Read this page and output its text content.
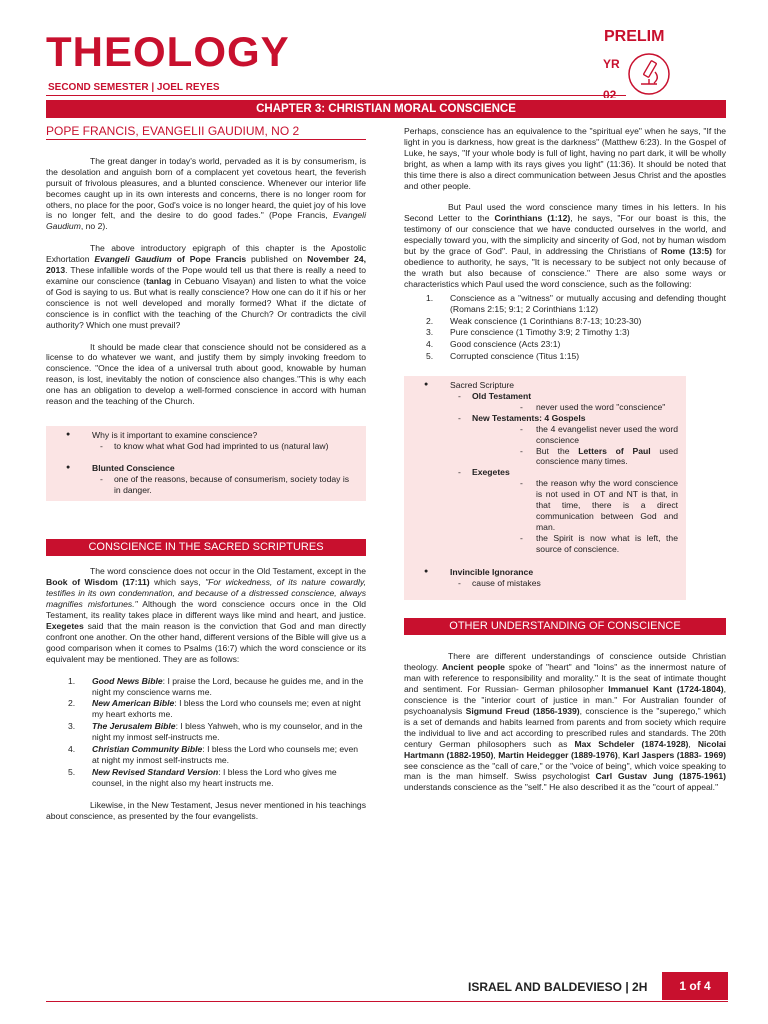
THEOLOGY
SECOND SEMESTER | JOEL REYES
PRELIM
YR
02
CHAPTER 3: CHRISTIAN MORAL CONSCIENCE
POPE FRANCIS, EVANGELII GAUDIUM, NO 2

The great danger in today's world, pervaded as it is by consumerism, is the desolation and anguish born of a complacent yet covetous heart, the feverish pursuit of frivolous pleasures, and a blunted conscience. Whenever our interior life becomes caught up in its own interests and concerns, there is no longer room for others, no place for the poor, God's voice is no longer heard, the quiet joy of his love is no longer felt, and the desire to do good fades." (Pope Francis, Evangeli Gaudium, no 2).

The above introductory epigraph of this chapter is the Apostolic Exhortation Evangeli Gaudium of Pope Francis published on November 24, 2013. These infallible words of the Pope would tell us that there is really a need to examine our conscience (tanlag in Cebuano Visayan) and listen to what the voice of God is saying to us. But what is really conscience? How one can do it if his or her conscience is not well developed and morally formed? What if the dictate of conscience is in conflict with the teaching of the Church? Or contradicts the civil authority? Which one must prevail?

It should be made clear that conscience should not be considered as a license to do whatever we want, and justify them by simply invoking freedom to conscience. "Once the idea of a universal truth about good, knowable by human reason, is lost, inevitably the notion of conscience also changes."This is why each one has an obligation to develop a well-formed conscience in accord with human reason and the teaching of the Church.

● Why is it important to examine conscience?
- to know what what God had imprinted to us (natural law)
● Blunted Conscience
- one of the reasons, because of consumerism, society today is in danger.
CONSCIENCE IN THE SACRED SCRIPTURES

The word conscience does not occur in the Old Testament, except in the Book of Wisdom (17:11) which says, "For wickedness, of its nature cowardly, testifies in its own condemnation, and because of a distressed conscience, always magnifies misfortunes." Although the word conscience occurs once in the Old Testament, its reality takes place in different ways like mind and heart, and justice. Exegetes said that the main reason is the conviction that God and man directly confront one another. On the other hand, different versions of the Bible will give us a good comparison when it comes to Psalms (16:7) which the word conscience or its equivalent may be mentioned. They are as follows:

1. Good News Bible: I praise the Lord, because he guides me, and in the night my conscience warns me.
2. New American Bible: I bless the Lord who counsels me; even at night my heart exhorts me.
3. The Jerusalem Bible: I bless Yahweh, who is my counselor, and in the night my inmost self-instructs me.
4. Christian Community Bible: I bless the Lord who counsels me; even at night my inmost self-instructs me.
5. New Revised Standard Version: I bless the Lord who gives me counsel, in the night also my heart instructs me.

Likewise, in the New Testament, Jesus never mentioned in his teachings about conscience, as presented by the four evangelists.

Perhaps, conscience has an equivalence to the "spiritual eye" when he says, "If the light in you is darkness, how great is the darkness" (Matthew 6:23). In the Gospel of Luke, he says, "If your whole body is full of light, having no part dark, it will be wholly bright, as when a lamp with its rays gives you light" (11:36). It should be noted that this time there is also a direct communication between Jesus Christ and the apostles and other people.

But Paul used the word conscience many times in his letters. In his Second Letter to the Corinthians (1:12), he says, "For our boast is this, the testimony of our conscience that we have conducted ourselves in the world, and especially toward you, with the simplicity and sincerity of God, not by human wisdom but by the grace of God". Paul, in addressing the Christians of Rome (13:5) for obedience to authority, he says, "It is necessary to be subject not only because of the wrath but also because of conscience." There are also some ways or characteristics which Paul used the word conscience, such as the following:

1. Conscience as a "witness" or mutually accusing and defending thought (Romans 2:15; 9:1; 2 Corinthians 1:12)
2. Weak conscience (1 Corinthians 8:7-13; 10:23-30)
3. Pure conscience (1 Timothy 3:9; 2 Timothy 1:3)
4. Good conscience (Acts 23:1)
5. Corrupted conscience (Titus 1:15)
● Sacred Scripture
- Old Testament
- never used the word "conscience"
- New Testaments: 4 Gospels
- the 4 evangelist never used the word conscience
- But the Letters of Paul used conscience many times.
- Exegetes
- the reason why the word conscience is not used in OT and NT is that, in that time, there is a direct communication between God and man.
- the Spirit is now what is left, the source of conscience.
● Invincible Ignorance
- cause of mistakes
OTHER UNDERSTANDING OF CONSCIENCE

There are different understandings of conscience outside Christian theology. Ancient people spoke of "heart" and "loins" as the innermost nature of man with reference to responsibility and morality." It is the seat of intimate thought and sentiment. For Russian- German philosopher Immanuel Kant (1724-1804), conscience is the "interior court of justice in man." For Australian founder of psychoanalysis Sigmund Freud (1856-1939), conscience is the "superego," which is a set of demands and habits learned from parents and from society which require the individual to live and act according to prescribed rules and standards. The 20th century German philosophers such as Max Schdeler (1874-1928), Nicolai Hartmann (1882-1950), Martin Heidegger (1889-1976), Karl Jaspers (1883- 1969) see conscience as the "call of care," or the "voice of being", which voice speaking to man is the man himself. Swiss psychologist Carl Gustav Jung (1875-1961) understands conscience as the "self." He also described it as the "court of appeal."

ISRAEL AND BALDEVIESO | 2H	1 of 4
